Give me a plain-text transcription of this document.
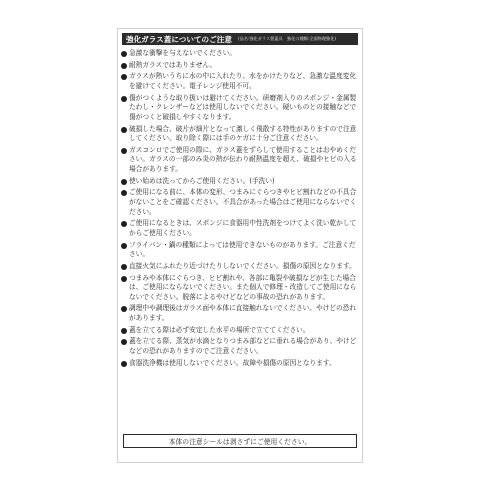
強化ガラス蓋についてのご注意 (品名:強化ガラス製蓋具　強化の種類:全面物理強化)
急激な衝撃を与えないでください。
耐熱ガラスではありません。
ガラスが熱いうちに水の中に入れたり、水をかけたりなど、急激な温度変化を避けてください。電子レンジ使用不可。
傷がつくような取り扱いは避けてください。研磨剤入りのスポンジ・金属製たわし・クレンザーなどは使用しないでください。硬いものとの接触などで傷がつくと破損しやすくなります。
破損した場合、破片が細片となって激しく飛散する特性がありますので注意してください。取り除く際には手のケガに十分ご注意ください。
ガスコンロでご使用の際に、ガラス蓋をずらして使用することはおやめください。ガラスの一部のみ炎の熱が伝わり耐熱温度を超え、破損やヒビの入る場合があります。
使い始めは洗ってからご使用ください。(手洗い)
ご使用になる前に、本体の変形、つまみにぐらつきやヒビ割れなどの不具合がないことをご確認ください。不具合があった場合はご使用にならないでください。
ご使用になるときは、スポンジに食器用中性洗剤をつけてよく洗い乾かしてからご使用ください。
フライパン・鍋の種類によっては使用できないものがあります。ご注意ください。
直接火気にふれたり近づけたりしないでください。損傷の原因となります。
つまみや本体にぐらつき、ヒビ割れや、各部に亀裂や破損などが生じた場合は、ご使用にならないでください。また個人で修理・改造してご使用にならないでください。脱落によるやけどなどの事故の恐れがあります。
調理中や調理後はガラス面や本体に直接触れないでください。やけどの恐れがあります。
蓋を立てる際は必ず安定した水平の場所で立ててください。
蓋を立てる際、蒸気が水滴となりつまみ部などに垂れる場合があり、やけどなどの恐れがありますのでご注意ください。
食器洗浄機は使用しないでください。故障や損傷の原因となります。
本体の注意シールは剥さずにご使用ください。
